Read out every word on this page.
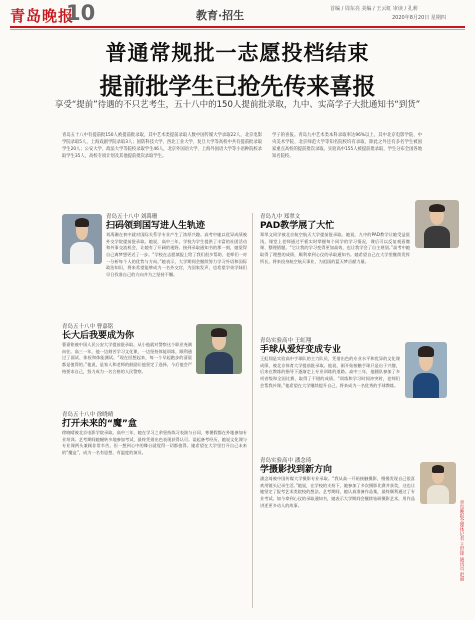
青岛晚报
10	教育·招生	首编 / 周东亮 美编 / 王云虹 审读 / 孔莉
2020年8月20日 星期四
普通常规批一志愿投档结束
提前批学生已抢先传来喜报
享受“提前”待遇的不只艺考生，五十八中的150人提前批录取，九中、实高学子大批通知书“到货”
青岛五十八中有提前批150人被提前批录取，其中艺术类提前录取人数中国传媒大学录取22人，北京电影学院录取5人，上海戏剧学院录取3人；国防科技大学、西北工业大学、复旦大学等高校中共有提前批录取学生20人；公安大学、政法大学等院校录取学生46人，北京外国语大学、上海外国语大学等小语种院校录取学生35人，高校专项计划及其他提前批次录取学生。
学子的喜报。青岛九中艺术类本科录取率达96%以上，其中北京电影学院、中央美术学院、北京师范大学等知名院校均有录取，除此之外还有多名学生被国家重点高校的提前批次录取。实验高中155人被提前批录取，学生分布全国各地知名院校。
青岛五十八中 刘禹珊
扫码领到国写进人生轨迹
刘禹珊在初中就对国际关系学专业产生了浓厚兴趣。高考中她以优异成绩被外交学院提前批录取。她说，高中三年，学校为学生提供了丰富的社团活动和外事交流机会，让她有了开阔的视野。接到录取通知书的那一刻，她觉得自己离梦想更近了一步。“学校在志愿填报上给了我们很多帮助，老师们一对一分析每个人的优势与方向。”她表示，大学期间会继续努力学习外语和国际政治知识，将来希望能够成为一名外交官，为国家发声，也希望学弟学妹们早日找准自己的方向并为之坚持不懈。
青岛五十八中 曹嘉铭
长大后我要成为你
曹嘉铭被中国人民公安大学提前批录取。从小他就对警察这个职业充满向往。高三一年，他一边刻苦学习文化课，一边坚持体能训练，顺利通过了面试、体检和体能测试。“现在回想起来，每一个早起跑步的清晨都是值得的。”他说，是家人和老师的鼓励让他坚定了选择，今后他会严格要求自己，努力成为一名合格的人民警察。
青岛五十八中 徐晓晴
打开未来的“魔”盒
徐晓晴被北京电影学院录取。高中三年，她在学习之余坚持练习表演与台词，寒暑假都在外地参加专业培训。艺考期间她辗转多地参加考试，最终凭借出色表现获得认可。谈起备考经历，她说文化课与专业课两头兼顾非常辛苦，但一想到心中的舞台就觉得一切都值得。她希望在大学里打开自己未来的“魔盒”，成为一名有思想、有温度的演员。
青岛九中 郑翠文
PAD教学展了大忙
郑翠文同学被北京航空航天大学提前批录取。她说，九中的PAD教学让她受益匪浅，课堂上老师通过平板实时掌握每个同学的学习情况，课后可以反复观看微课、整理错题。“它让我的学习变得更加高效，也让我学会了自主规划。”高考中她取得了理想的成绩，顺利拿到心仪的录取通知书。她希望自己在大学里继续发挥所长，将来投身航空航天事业，为祖国的蓝天梦贡献力量。
青岛实验高中 王虹翔
手球从爱好变成专业
王虹翔是实验高中手球队的主力队员，凭借出色的专业水平和优异的文化课成绩，被北京体育大学提前批录取。他说，刚开始接触手球只是出于兴趣，后来在教练的指导下逐渐走上专业训练的道路。高中三年，他随队参加了多项省级和全国比赛，取得了不错的成绩。“训练和学习时间冲突时，老师们会帮我补课。”他希望在大学继续提升自己，将来成为一名优秀的手球教练。
青岛实验高中 潘念琦
学摄影找到新方向
潘念琦被中国传媒大学摄影专业录取。“我从高一开始接触摄影，慢慢发现自己很喜欢用镜头记录生活。”她说，在学校的支持下，她参加了多次摄影比赛并获奖，这也让她坚定了报考艺术类院校的想法。艺考期间，她认真准备作品集，最终顺利通过了专业考试。如今拿到心仪的录取通知书，她表示大学期间会继续钻研摄影艺术，用作品讲述更多动人的故事。	青岛晚报全媒体记者 王世锋 通讯员 赵丽
